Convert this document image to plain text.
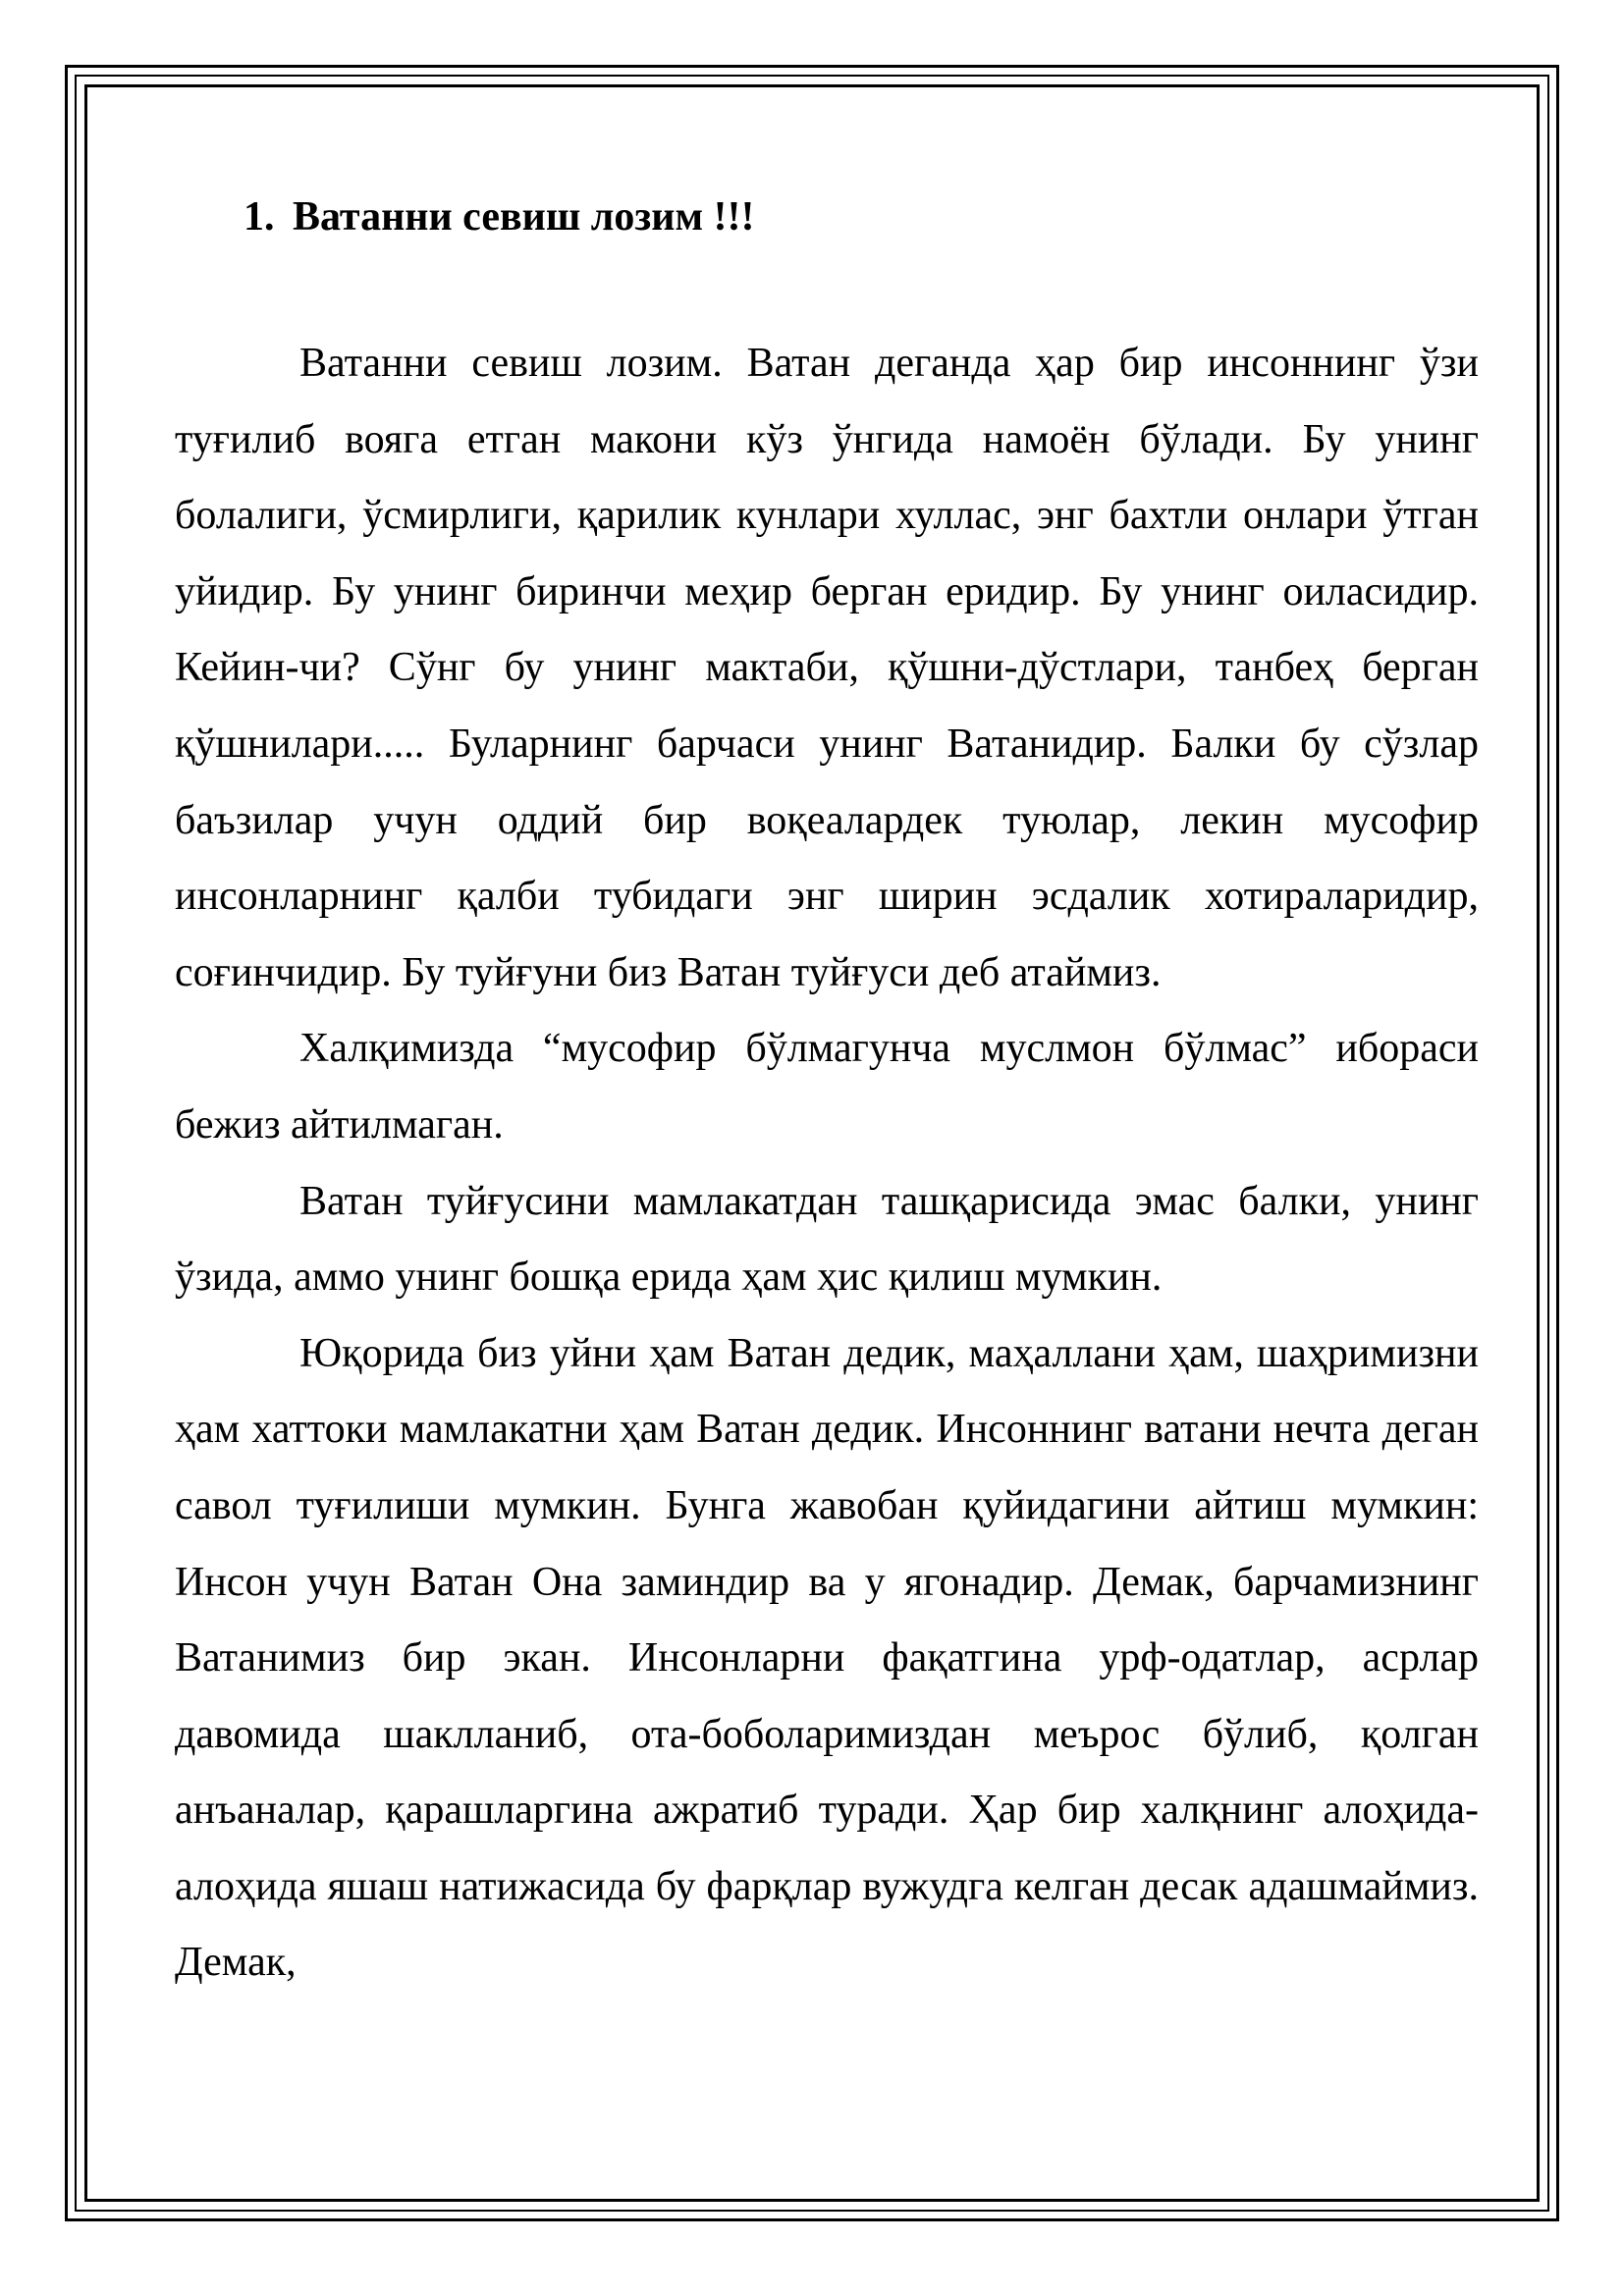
1. Ватанни севиш лозим !!!

Ватанни севиш лозим. Ватан деганда ҳар бир инсоннинг ўзи туғилиб вояга етган макони кўз ўнгида намоён бўлади. Бу унинг болалиги, ўсмирлиги, қарилик кунлари хуллас, энг бахтли онлари ўтган уйидир. Бу унинг биринчи меҳир берган еридир. Бу унинг оиласидир. Кейин-чи? Сўнг бу унинг мактаби, қўшни-дўстлари, танбеҳ берган қўшнилари..... Буларнинг барчаси унинг Ватанидир. Балки бу сўзлар баъзилар учун оддий бир воқеалардек туюлар, лекин мусофир инсонларнинг қалби тубидаги энг ширин эсдалик хотираларидир, соғинчидир. Бу туйғуни биз Ватан туйғуси деб атаймиз.

Халқимизда “мусофир бўлмагунча муслмон бўлмас” ибораси бежиз айтилмаган.

Ватан туйғусини мамлакатдан ташқарисида эмас балки, унинг ўзида, аммо унинг бошқа ерида ҳам ҳис қилиш мумкин.

Юқорида биз уйни ҳам Ватан дедик, маҳаллани ҳам, шаҳримизни ҳам хаттоки мамлакатни ҳам Ватан дедик. Инсоннинг ватани нечта деган савол туғилиши мумкин. Бунга жавобан қуйидагини айтиш мумкин: Инсон учун Ватан Она заминдир ва у ягонадир. Демак, барчамизнинг Ватанимиз бир экан. Инсонларни фақатгина урф-одатлар, асрлар давомида шаклланиб, ота-боболаримиздан меърос бўлиб, қолган анъаналар, қарашларгина ажратиб туради. Ҳар бир халқнинг алоҳида-алоҳида яшаш натижасида бу фарқлар вужудга келган десак адашмаймиз. Демак,
